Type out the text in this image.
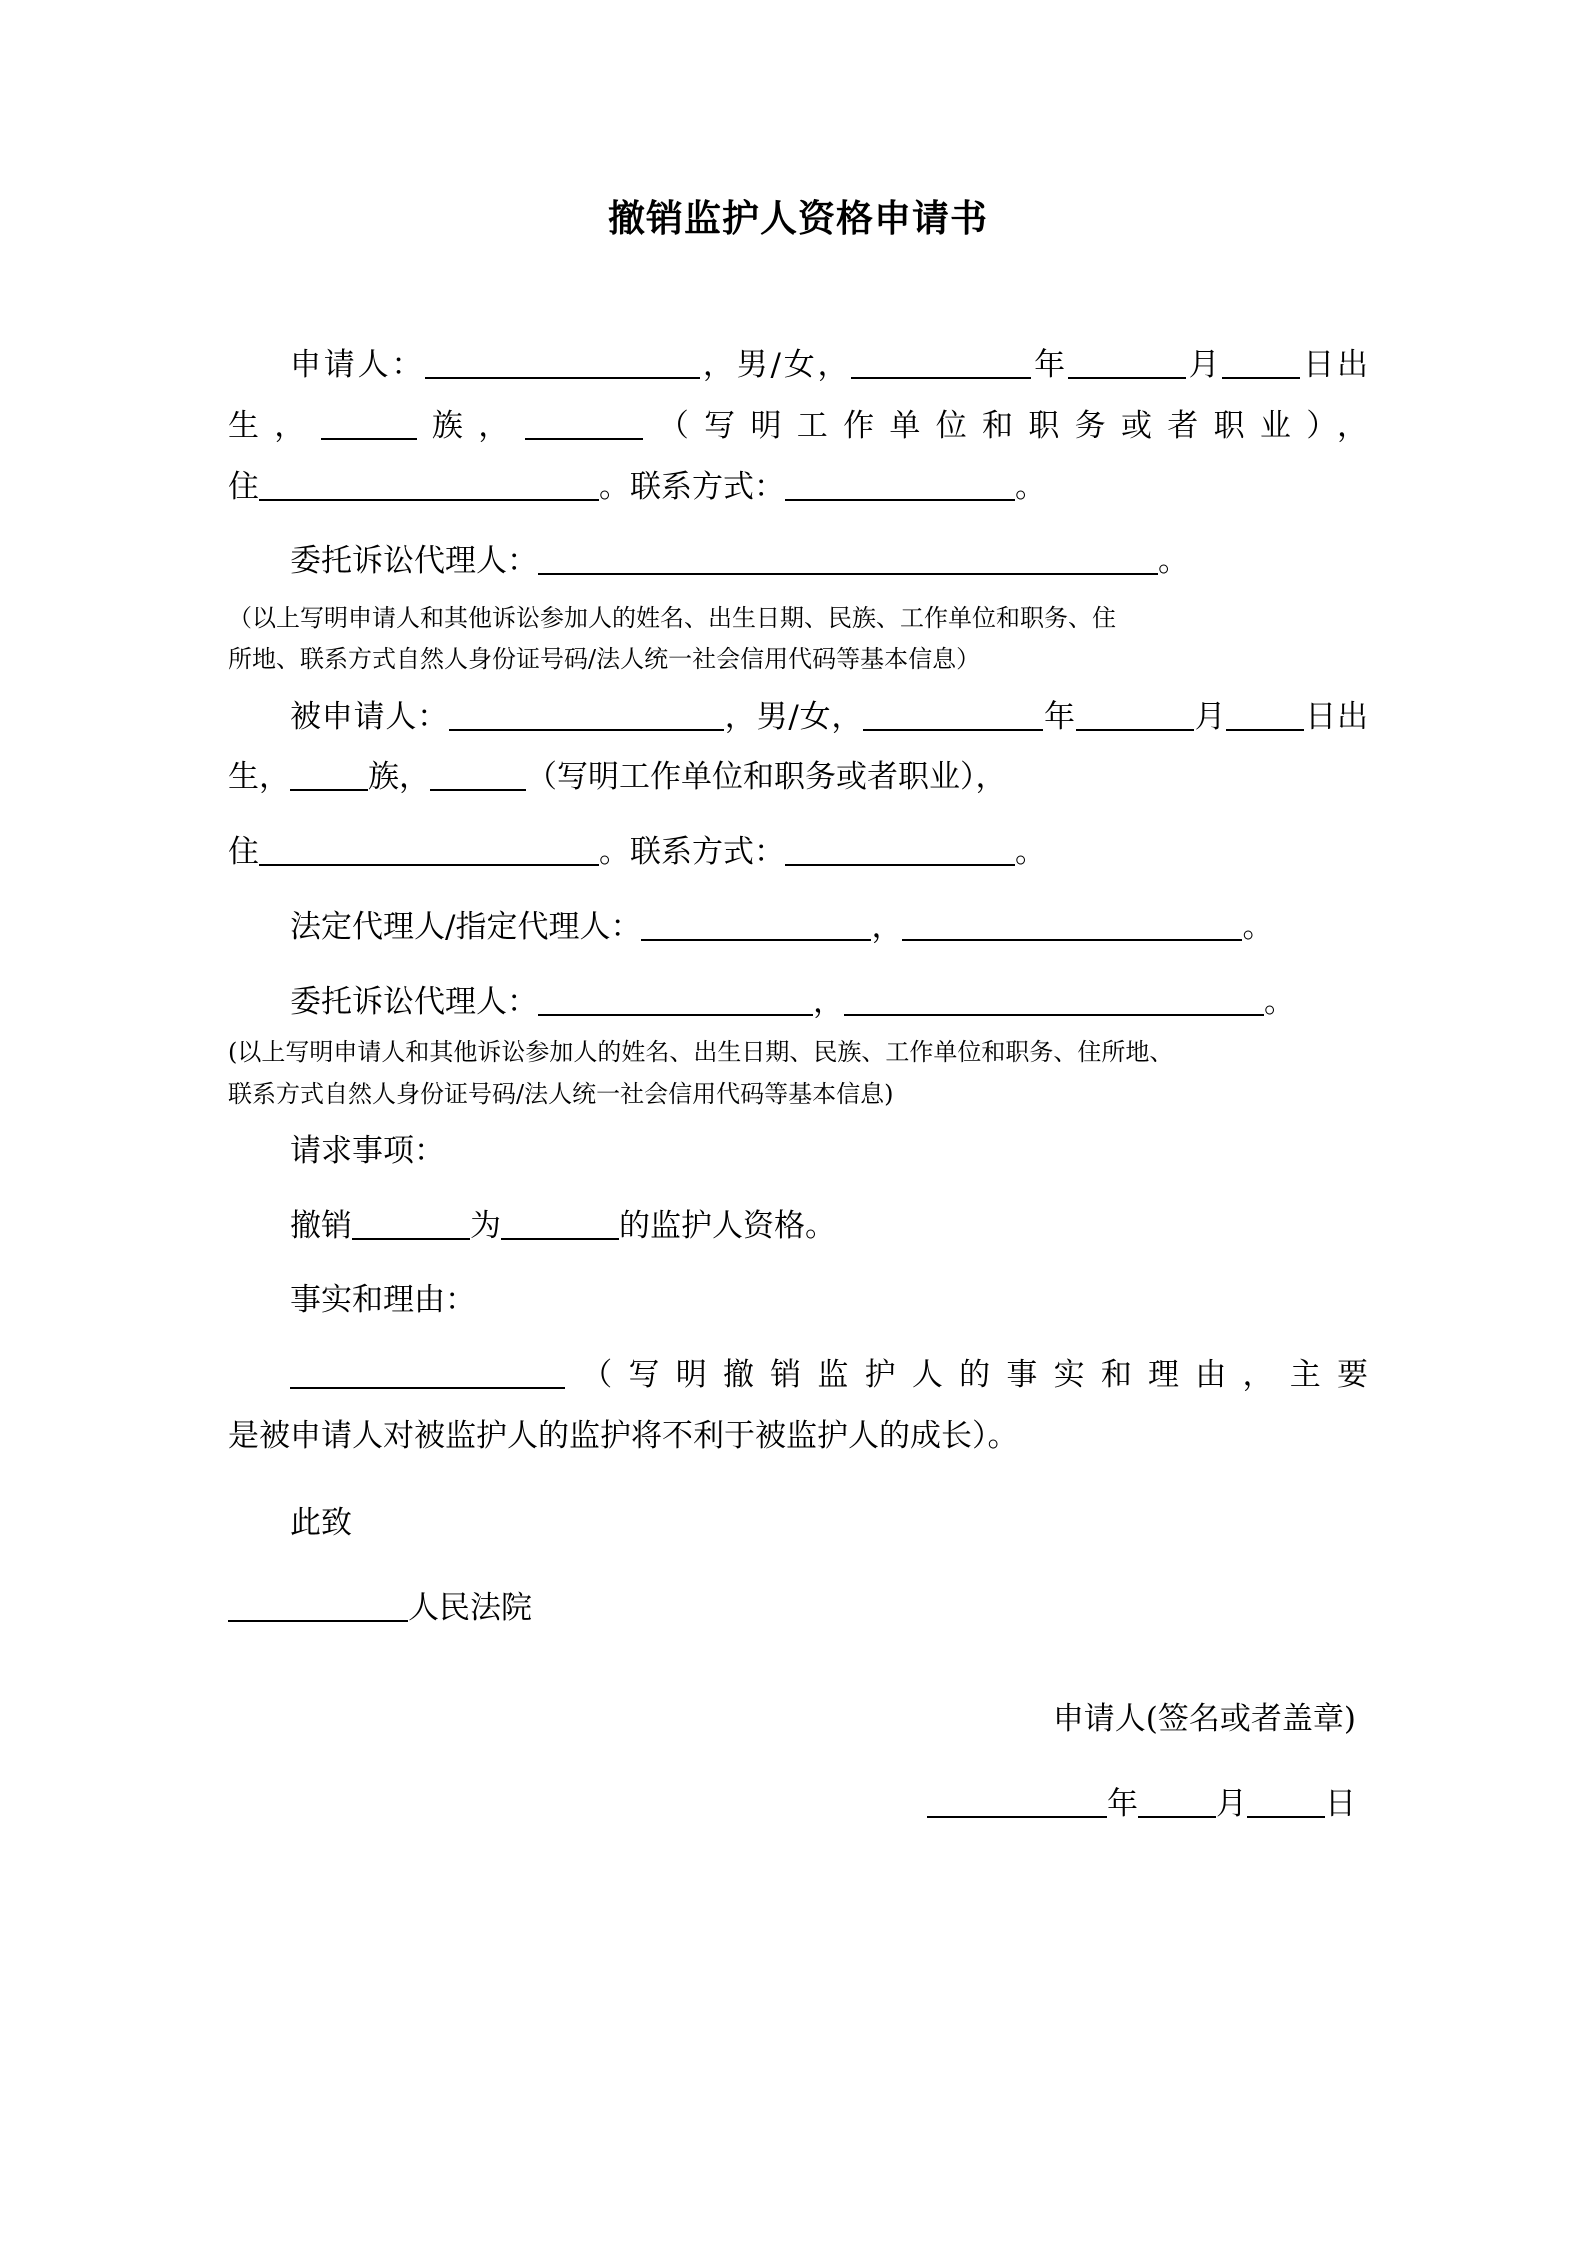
撤销监护人资格申请书

申请人：	，男/女，	年	月	日出

生，	族，	（写明工作单位和职务或者职业），

住	。联系方式：	。

委托诉讼代理人：	。

（以上写明申请人和其他诉讼参加人的姓名、出生日期、民族、工作单位和职务、住

所地、联系方式自然人身份证号码/法人统一社会信用代码等基本信息）

被申请人：	，男/女，	年	月	日出

生，	族，	（写明工作单位和职务或者职业），

住	。联系方式：	。

法定代理人/指定代理人：	，	。

委托诉讼代理人：	，	。

(以上写明申请人和其他诉讼参加人的姓名、出生日期、民族、工作单位和职务、住所地、

联系方式自然人身份证号码/法人统一社会信用代码等基本信息)

请求事项：

撤销	为	的监护人资格。

事实和理由：

（写明撤销监护人的事实和理由，主要

是被申请人对被监护人的监护将不利于被监护人的成长）。

此致

人民法院

申请人(签名或者盖章)

年	月	日
